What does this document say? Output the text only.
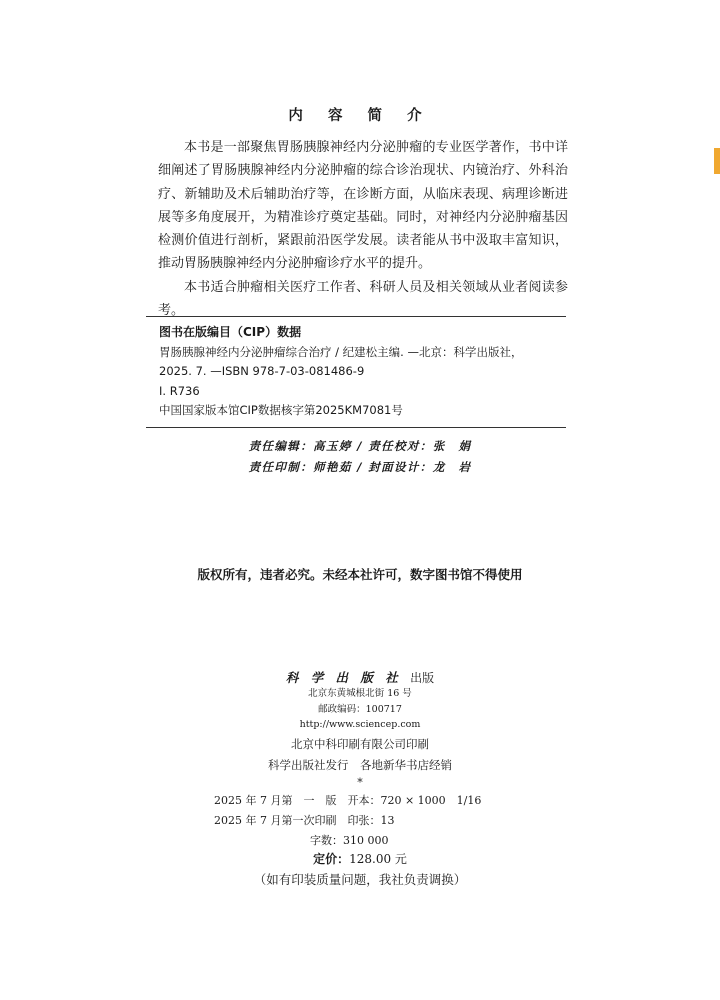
内 容 简 介

本书是一部聚焦胃肠胰腺神经内分泌肿瘤的专业医学著作，书中详细阐述了胃肠胰腺神经内分泌肿瘤的综合诊治现状、内镜治疗、外科治疗、新辅助及术后辅助治疗等，在诊断方面，从临床表现、病理诊断进展等多角度展开，为精准诊疗奠定基础。同时，对神经内分泌肿瘤基因检测价值进行剖析，紧跟前沿医学发展。读者能从书中汲取丰富知识，推动胃肠胰腺神经内分泌肿瘤诊疗水平的提升。

本书适合肿瘤相关医疗工作者、科研人员及相关领域从业者阅读参考。

图书在版编目（CIP）数据
胃肠胰腺神经内分泌肿瘤综合治疗 / 纪建松主编. —北京：科学出版社，
2025. 7. —ISBN 978-7-03-081486-9
Ⅰ. R736
中国国家版本馆CIP数据核字第2025KM7081号
责任编辑：高玉婷 / 责任校对：张　娟
责任印制：师艳茹 / 封面设计：龙　岩
版权所有，违者必究。未经本社许可，数字图书馆不得使用
科 学 出 版 社 出版
北京东黄城根北街 16 号
邮政编码：100717
http://www.sciencep.com
北京中科印刷有限公司印刷
科学出版社发行　各地新华书店经销
*
2025 年 7 月第　一　版　开本：720 × 1000　1/16
2025 年 7 月第一次印刷　印张：13
字数：310 000
定价：128.00 元
（如有印装质量问题，我社负责调换）
